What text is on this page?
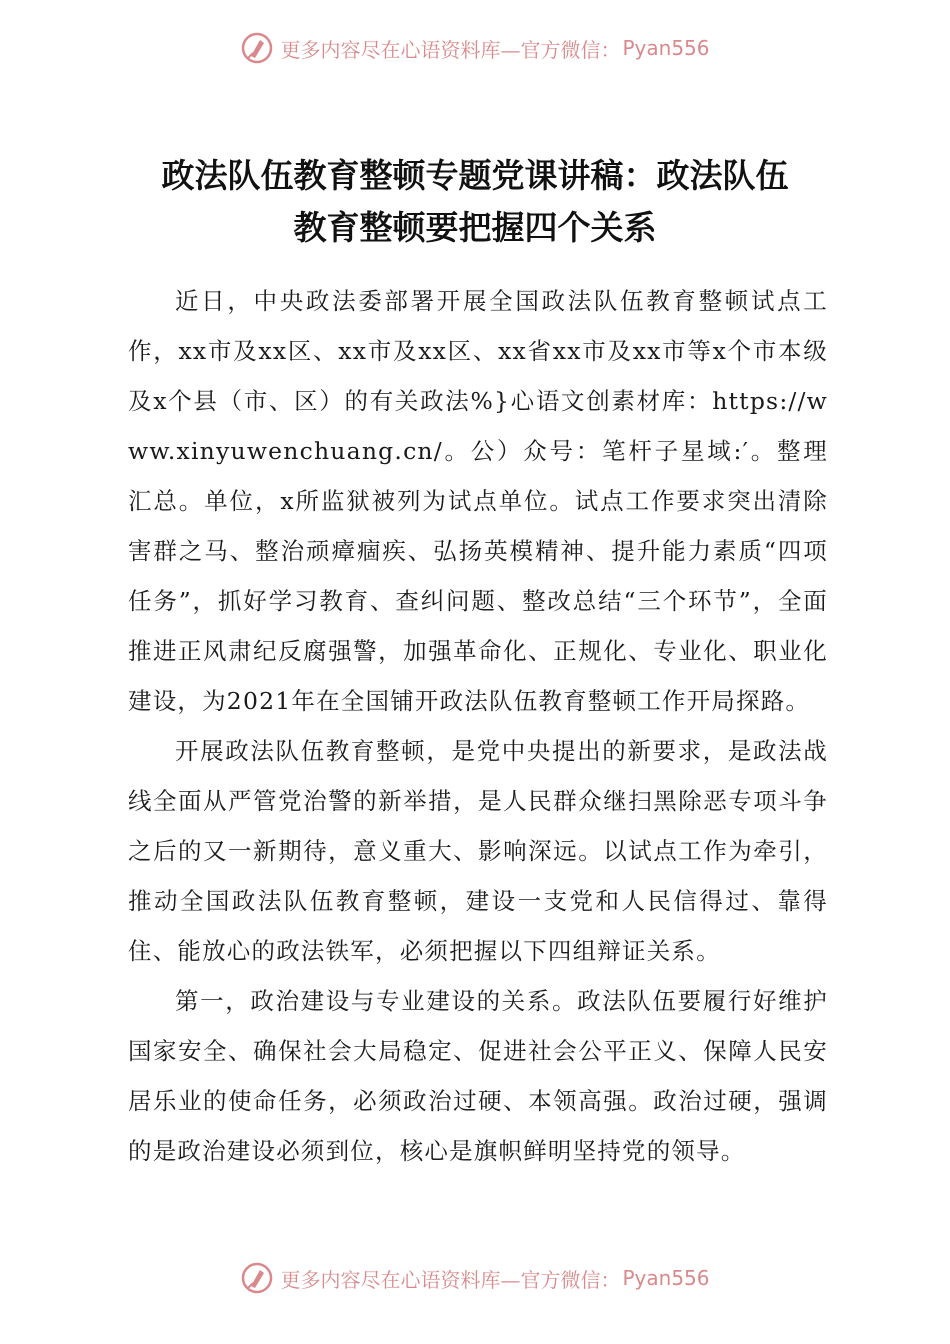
更多内容尽在心语资料库—官方微信： Pyan556
政法队伍教育整顿专题党课讲稿：政法队伍
教育整顿要把握四个关系

近日，中央政法委部署开展全国政法队伍教育整顿试点工作，xx市及xx区、xx市及xx区、xx省xx市及xx市等x个市本级及x个县（市、区）的有关政法%}心语文创素材库：https://www.xinyuwenchuang.cn/。公）众号：笔杆子星域:′。整理汇总。单位，x所监狱被列为试点单位。试点工作要求突出清除害群之马、整治顽瘴痼疾、弘扬英模精神、提升能力素质“四项任务”，抓好学习教育、查纠问题、整改总结“三个环节”，全面推进正风肃纪反腐强警，加强革命化、正规化、专业化、职业化建设，为2021年在全国铺开政法队伍教育整顿工作开局探路。

开展政法队伍教育整顿，是党中央提出的新要求，是政法战线全面从严管党治警的新举措，是人民群众继扫黑除恶专项斗争之后的又一新期待，意义重大、影响深远。以试点工作为牵引，推动全国政法队伍教育整顿，建设一支党和人民信得过、靠得住、能放心的政法铁军，必须把握以下四组辩证关系。

第一，政治建设与专业建设的关系。政法队伍要履行好维护国家安全、确保社会大局稳定、促进社会公平正义、保障人民安居乐业的使命任务，必须政治过硬、本领高强。政治过硬，强调的是政治建设必须到位，核心是旗帜鲜明坚持党的领导。

更多内容尽在心语资料库—官方微信： Pyan556
